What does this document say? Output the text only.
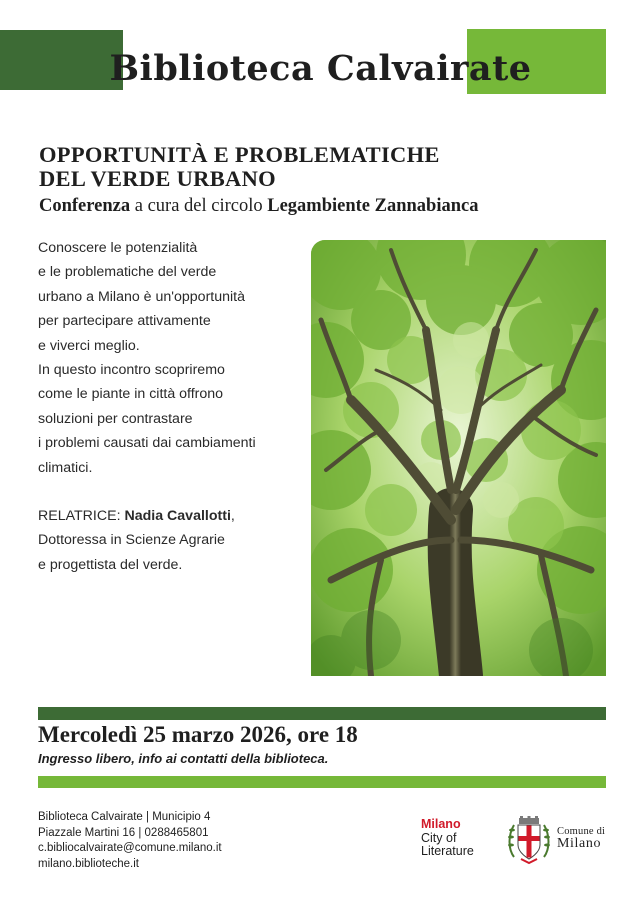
Biblioteca Calvairate
OPPORTUNITÀ E PROBLEMATICHE
DEL VERDE URBANO
Conferenza a cura del circolo Legambiente Zannabianca
Conoscere le potenzialità
e le problematiche del verde
urbano a Milano è un'opportunità
per partecipare attivamente
e viverci meglio.
In questo incontro scopriremo
come le piante in città offrono
soluzioni per contrastare
i problemi causati dai cambiamenti
climatici.
RELATRICE: Nadia Cavallotti,
Dottoressa in Scienze Agrarie
e progettista del verde.
Mercoledì 25 marzo 2026, ore 18
Ingresso libero, info ai contatti della biblioteca.
Biblioteca Calvairate | Municipio 4
Piazzale Martini 16 | 0288465801
c.bibliocalvairate@comune.milano.it
milano.biblioteche.it
Milano
City of
Literature
Comune di
Milano
